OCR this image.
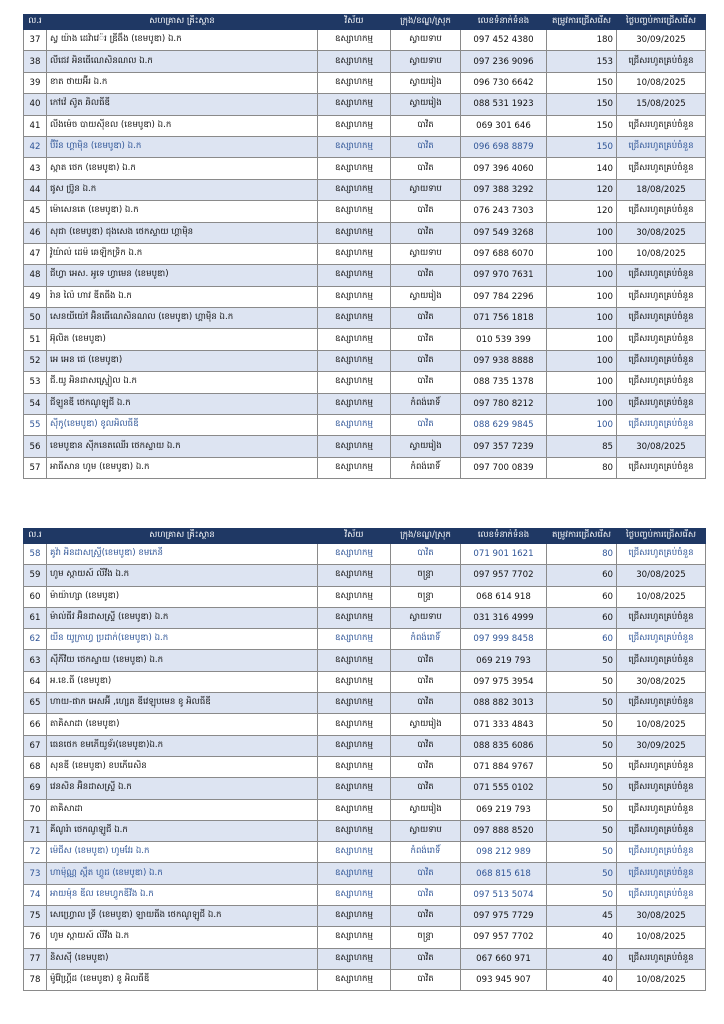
ល.រ	សហគ្រាស គ្រឹះស្ថាន	វិស័យ	ក្រុង/ខណ្ឌ/ស្រុក	លេខទំនាក់ទំនង	តម្រូវការជ្រើសរើស	ថ្ងៃបញ្ចប់ការជ្រើសរើស
37	ស្វ យ៉ាង ដេវ៉ាវេ៉រ ឌ្រីងឹង (ខេមបូឌា) ឯ.ក	ឧស្សាហកម្ម	ស្វាយទាប	097 452 4380	180	30/09/2025
38	លីជេវ អិនធើណេសិនណល ឯ.ក	ឧស្សាហកម្ម	ស្វាយទាប	097 236 9096	153	ជ្រើសរហូតគ្រប់ចំនួន
39	ខាត ថាយអ៊ីរ ឯ.ក	ឧស្សាហកម្ម	ស្វាយរៀង	096 730 6642	150	10/08/2025
40	កៅវ៉េ ស៊ូត ឆិលធីឌី	ឧស្សាហកម្ម	ស្វាយរៀង	088 531 1923	150	15/08/2025
41	លីងម៉េច បាយស៊ីខល (ខេមបូឌា) ឯ.ក	ឧស្សាហកម្ម	បាវិត	069 301 646	150	ជ្រើសរហូតគ្រប់ចំនួន
42	ប៊ីរីន ហ្គាម៉ិន (ខេមបូឌា) ឯ.ក	ឧស្សាហកម្ម	បាវិត	096 698 8879	150	ជ្រើសរហូតគ្រប់ចំនួន
43	ស្កាត ថេក (ខេមបូឌា) ឯ.ក	ឧស្សាហកម្ម	បាវិត	097 396 4060	140	ជ្រើសរហូតគ្រប់ចំនួន
44	ផូស ប្រ៊ូន ឯ.ក	ឧស្សាហកម្ម	ស្វាយទាប	097 388 3292	120	18/08/2025
45	ម៉ោសេនតេ (ខេមបូឌា) ឯ.ក	ឧស្សាហកម្ម	បាវិត	076 243 7303	120	ជ្រើសរហូតគ្រប់ចំនួន
46	សុជា (ខេមបូឌា) ជុងសេង ថេកស្ទាយ ហ្គាម៉ិន	ឧស្សាហកម្ម	បាវិត	097 549 3268	100	30/08/2025
47	វ៉ូយ៉ាល់ ដេម៉ ឆេឡិកទ្រិក ឯ.ក	ឧស្សាហកម្ម	ស្វាយទាប	097 688 6070	100	10/08/2025
48	ជីហ្វា អេស. អូទេ ហ្វាមេន (ខេមបូឌា)	ឧស្សាហកម្ម	បាវិត	097 970 7631	100	ជ្រើសរហូតគ្រប់ចំនួន
49	រ៉ាន ល៉ៃ ហាវ ឌីតធីង ឯ.ក	ឧស្សាហកម្ម	ស្វាយរៀង	097 784 2296	100	ជ្រើសរហូតគ្រប់ចំនួន
50	សេនយីយ៉ៅ អ៊ិនធើណេសិនណល (ខេមបូឌា) ហ្គាម៉ិន ឯ.ក	ឧស្សាហកម្ម	បាវិត	071 756 1818	100	ជ្រើសរហូតគ្រប់ចំនួន
51	អ៊ុលិត (ខេមបូឌា)	ឧស្សាហកម្ម	បាវិត	010 539 399	100	ជ្រើសរហូតគ្រប់ចំនួន
52	អេ អេន ជេ (ខេមបូឌា)	ឧស្សាហកម្ម	បាវិត	097 938 8888	100	ជ្រើសរហូតគ្រប់ចំនួន
53	ជី.យូ អិនដាសស្ទ្រៀល ឯ.ក	ឧស្សាហកម្ម	បាវិត	088 735 1378	100	ជ្រើសរហូតគ្រប់ចំនួន
54	ជីឡូនឌី ថេកណូឡូជី ឯ.ក	ឧស្សាហកម្ម	កំពង់រោទិ៍	097 780 8212	100	ជ្រើសរហូតគ្រប់ចំនួន
55	ស៊ីកូ(ខេមបូឌា) ខូលអិលធីឌី	ឧស្សាហកម្ម	បាវិត	088 629 9845	100	ជ្រើសរហូតគ្រប់ចំនួន
56	ខេមបូឌាន ស៊ីកនេតឈើរ ថេកស្ទាយ ឯ.ក	ឧស្សាហកម្ម	ស្វាយរៀង	097 357 7239	85	30/08/2025
57	អាធីសាន ហូម (ខេមបូឌា) ឯ.ក	ឧស្សាហកម្ម	កំពង់រោទិ៍	097 700 0839	80	ជ្រើសរហូតគ្រប់ចំនួន
ល.រ	សហគ្រាស គ្រឹះស្ថាន	វិស័យ	ក្រុង/ខណ្ឌ/ស្រុក	លេខទំនាក់ទំនង	តម្រូវការជ្រើសរើស	ថ្ងៃបញ្ចប់ការជ្រើសរើស
58	គូវ៉ា អិនដាសស្ទ្រី(ខេមបូឌា) ខមភេនី	ឧស្សាហកម្ម	បាវិត	071 901 1621	80	ជ្រើសរហូតគ្រប់ចំនួន
59	ហូម ស្កាយស៍ លីវីង ឯ.ក	ឧស្សាហកម្ម	ចន្ទ្រា	097 957 7702	60	30/08/2025
60	ម៉ាយ៉ាហ្សា (ខេមបូឌា)	ឧស្សាហកម្ម	ចន្ទ្រា	068 614 918	60	10/08/2025
61	ម៉ាល់ធីវ អ៊ិនដាសស្ទ្រី (ខេមបូឌា) ឯ.ក	ឧស្សាហកម្ម	ស្វាយទាប	031 316 4999	60	ជ្រើសរហូតគ្រប់ចំនួន
62	យីន យូក្រាហ្វ ប្រដាក់(ខេមបូឌា) ឯ.ក	ឧស្សាហកម្ម	កំពង់រោទិ៍	097 999 8458	60	ជ្រើសរហូតគ្រប់ចំនួន
63	ស៊ីភីវិយ ថេកស្ទាយ (ខេមបូឌា) ឯ.ក	ឧស្សាហកម្ម	បាវិត	069 219 793	50	ជ្រើសរហូតគ្រប់ចំនួន
64	អ.ខេ.ធី (ខេមបូឌា)	ឧស្សាហកម្ម	បាវិត	097 975 3954	50	30/08/2025
65	ហាយ-ផាក អេសអ៊ី ,ហ្សេត ឌីវេឡុបមេន ខូ អិលធីឌី	ឧស្សាហកម្ម	បាវិត	088 882 3013	50	ជ្រើសរហូតគ្រប់ចំនួន
66	តាគិសាដា (ខេមបូឌា)	ឧស្សាហកម្ម	ស្វាយរៀង	071 333 4843	50	10/08/2025
67	ធេនថេក ខមភើយូទ័រ(ខេមបូឌា)ឯ.ក	ឧស្សាហកម្ម	បាវិត	088 835 6086	50	30/09/2025
68	សុនឌី (ខេមបូឌា) ខបភើរេសិន	ឧស្សាហកម្ម	បាវិត	071 884 9767	50	ជ្រើសរហូតគ្រប់ចំនួន
69	វេនសិន អ៊ិនដាសស្ទ្រី ឯ.ក	ឧស្សាហកម្ម	បាវិត	071 555 0102	50	ជ្រើសរហូតគ្រប់ចំនួន
70	តាគិសាដា	ឧស្សាហកម្ម	ស្វាយរៀង	069 219 793	50	ជ្រើសរហូតគ្រប់ចំនួន
71	គីណូរ៉ា ថេកណូឡូជី ឯ.ក	ឧស្សាហកម្ម	ស្វាយទាប	097 888 8520	50	ជ្រើសរហូតគ្រប់ចំនួន
72	ម៉េជីស (ខេមបូឌា) ហូមវែរ ឯ.ក	ឧស្សាហកម្ម	កំពង់រោទិ៍	098 212 989	50	ជ្រើសរហូតគ្រប់ចំនួន
73	ហាម៉ុណ្ណ ស្ពឹត ហ្គូដ (ខេមបូឌា) ឯ.ក	ឧស្សាហកម្ម	បាវិត	068 815 618	50	ជ្រើសរហូតគ្រប់ចំនួន
74	អាយម៉ុន ឌីល ខេមហ្វូកឌីវីង ឯ.ក	ឧស្សាហកម្ម	បាវិត	097 513 5074	50	ជ្រើសរហូតគ្រប់ចំនួន
75	សេហ្វ្រោល ទ្រី (ខេមបូឌា) ឡាយធីង ថេកណូឡូជី ឯ.ក	ឧស្សាហកម្ម	បាវិត	097 975 7729	45	30/08/2025
76	ហូម ស្កាយស៍ លីវីង ឯ.ក	ឧស្សាហកម្ម	ចន្ទ្រា	097 957 7702	40	10/08/2025
77	និសស៊ី (ខេមបូឌា)	ឧស្សាហកម្ម	បាវិត	067 660 971	40	ជ្រើសរហូតគ្រប់ចំនួន
78	ម៉ូវ៉ែហ្គ្រីដ (ខេមបូឌា) ខូ អិលធីឌី	ឧស្សាហកម្ម	បាវិត	093 945 907	40	10/08/2025
